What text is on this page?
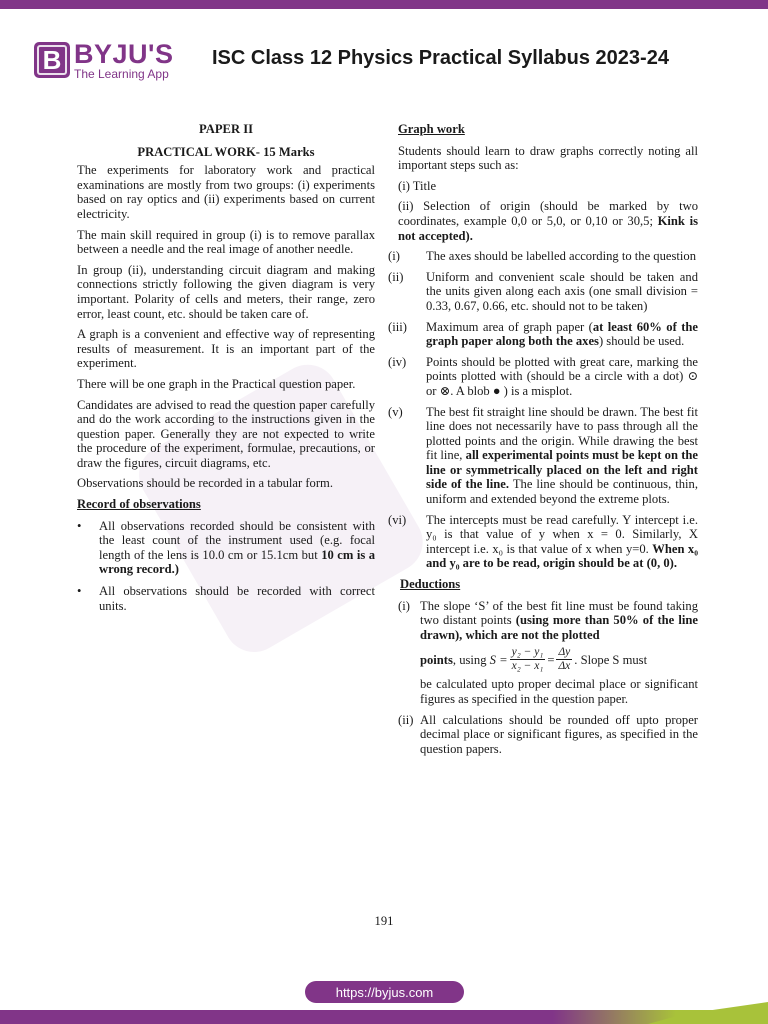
B BYJU'S
The Learning App
ISC Class 12 Physics Practical Syllabus 2023-24
PAPER II
PRACTICAL WORK- 15 Marks

The experiments for laboratory work and practical examinations are mostly from two groups: (i) experiments based on ray optics and (ii) experiments based on current electricity.

The main skill required in group (i) is to remove parallax between a needle and the real image of another needle.

In group (ii), understanding circuit diagram and making connections strictly following the given diagram is very important. Polarity of cells and meters, their range, zero error, least count, etc. should be taken care of.

A graph is a convenient and effective way of representing results of measurement. It is an important part of the experiment.

There will be one graph in the Practical question paper.

Candidates are advised to read the question paper carefully and do the work according to the instructions given in the question paper. Generally they are not expected to write the procedure of the experiment, formulae, precautions, or draw the figures, circuit diagrams, etc.

Observations should be recorded in a tabular form.

Record of observations
•	All observations recorded should be consistent with the least count of the instrument used (e.g. focal length of the lens is 10.0 cm or 15.1cm but 10 cm is a wrong record.)
•	All observations should be recorded with correct units.
Graph work

Students should learn to draw graphs correctly noting all important steps such as:

(i) Title

(ii) Selection of origin (should be marked by two coordinates, example 0,0 or 5,0, or 0,10 or 30,5; Kink is not accepted).

(i)	The axes should be labelled according to the question
(ii)	Uniform and convenient scale should be taken and the units given along each axis (one small division = 0.33, 0.67, 0.66, etc. should not to be taken)
(iii)	Maximum area of graph paper (at least 60% of the graph paper along both the axes) should be used.
(iv)	Points should be plotted with great care, marking the points plotted with (should be a circle with a dot) ⊙ or ⊗. A blob ● ) is a misplot.
(v)	The best fit straight line should be drawn. The best fit line does not necessarily have to pass through all the plotted points and the origin. While drawing the best fit line, all experimental points must be kept on the line or symmetrically placed on the left and right side of the line. The line should be continuous, thin, uniform and extended beyond the extreme plots.
(vi)	The intercepts must be read carefully. Y intercept i.e. y₀ is that value of y when x = 0. Similarly, X intercept i.e. x₀ is that value of x when y=0. When x₀ and y₀ are to be read, origin should be at (0, 0).
Deductions
(i) The slope ‘S’ of the best fit line must be found taking two distant points (using more than 50% of the line drawn), which are not the plotted
points , using
$S = \frac{\text{y₂ − y₁}}{\text{x₂ − x₁}} = \frac{\Delta y}{\Delta x}$ . Slope S must
be calculated upto proper decimal place or significant figures as specified in the question paper.
(ii) All calculations should be rounded off upto proper decimal place or significant figures, as specified in the question papers.
191
https://byjus.com
